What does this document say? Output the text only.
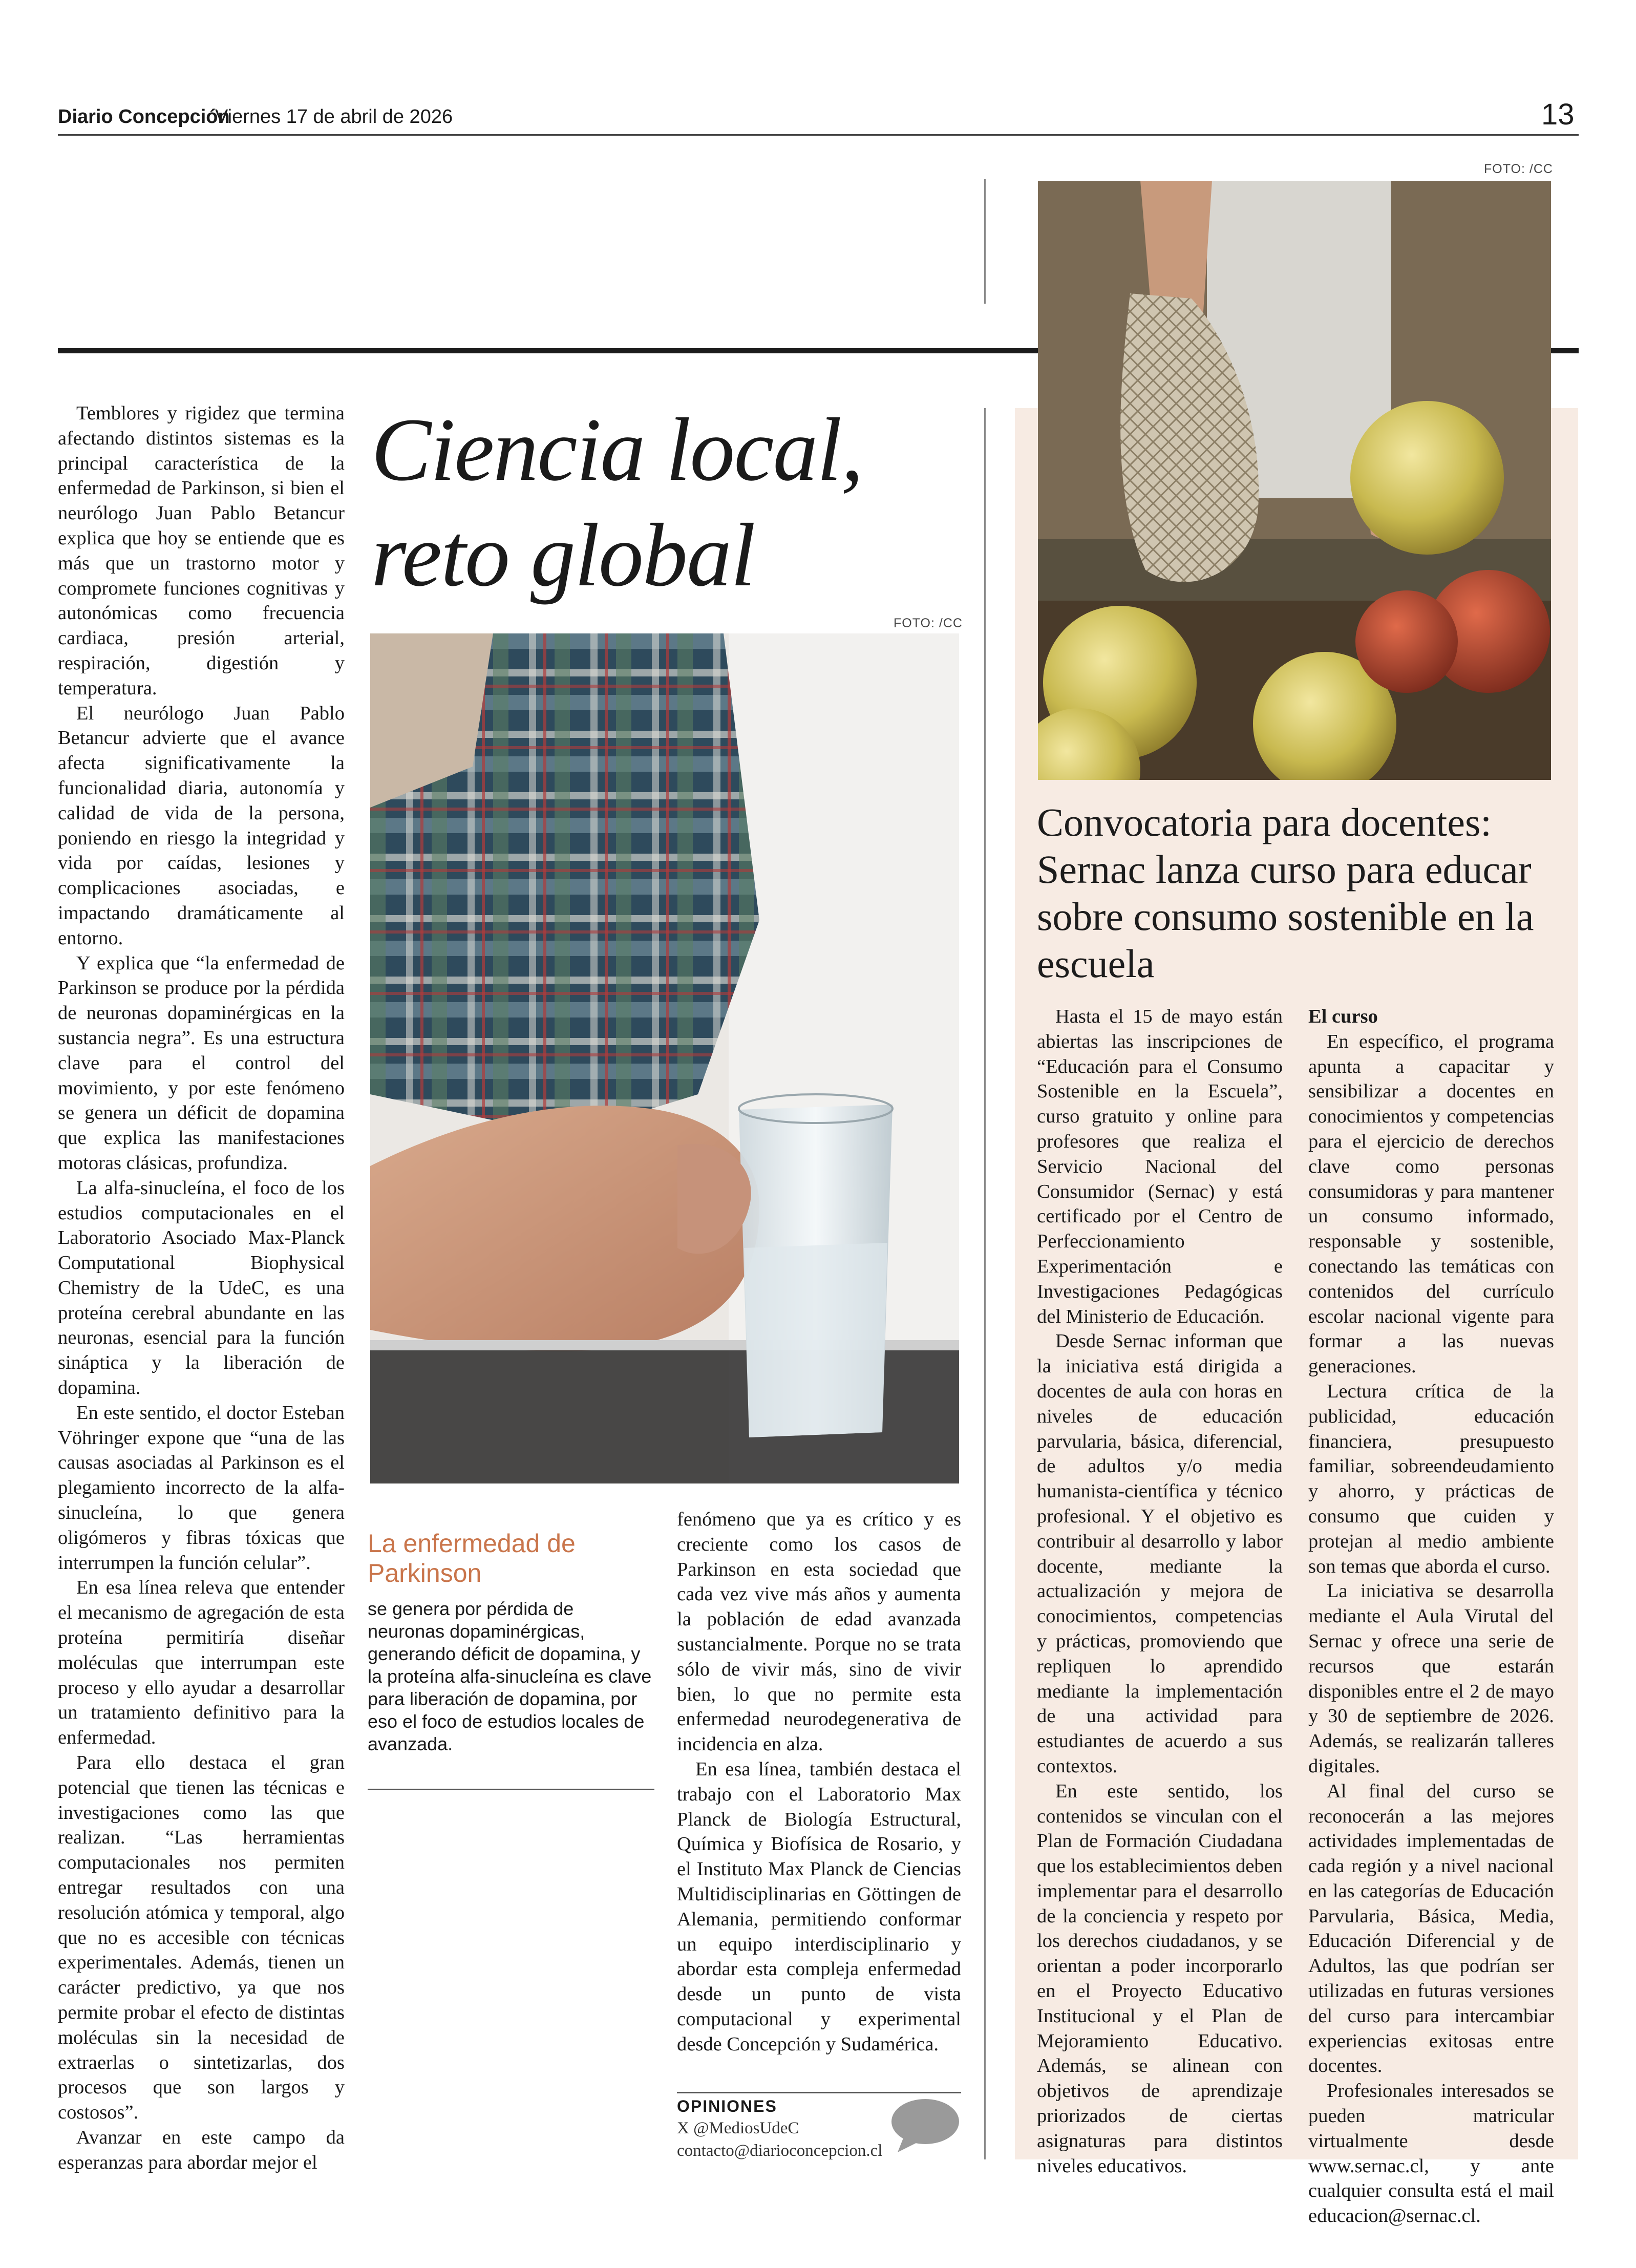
Diario Concepción
Viernes 17 de abril de 2026	13

Temblores y rigidez que termina afectando distintos sistemas es la principal característica de la enfermedad de Parkinson, si bien el neurólogo Juan Pablo Betancur explica que hoy se entiende que es más que un trastorno motor y compromete funciones cognitivas y autonómicas como frecuencia cardiaca, presión arterial, respiración, digestión y temperatura.

El neurólogo Juan Pablo Betancur advierte que el avance afecta significativamente la funcionalidad diaria, autonomía y calidad de vida de la persona, poniendo en riesgo la integridad y vida por caídas, lesiones y complicaciones asociadas, e impactando dramáticamente al entorno.

Y explica que “la enfermedad de Parkinson se produce por la pérdida de neuronas dopaminérgicas en la sustancia negra”. Es una estructura clave para el control del movimiento, y por este fenómeno se genera un déficit de dopamina que explica las manifestaciones motoras clásicas, profundiza.

La alfa-sinucleína, el foco de los estudios computacionales en el Laboratorio Asociado Max-Planck Computational Biophysical Chemistry de la UdeC, es una proteína cerebral abundante en las neuronas, esencial para la función sináptica y la liberación de dopamina.

En este sentido, el doctor Esteban Vöhringer expone que “una de las causas asociadas al Parkinson es el plegamiento incorrecto de la alfa-sinucleína, lo que genera oligómeros y fibras tóxicas que interrumpen la función celular”.

En esa línea releva que entender el mecanismo de agregación de esta proteína permitiría diseñar moléculas que interrumpan este proceso y ello ayudar a desarrollar un tratamiento definitivo para la enfermedad.

Para ello destaca el gran potencial que tienen las técnicas e investigaciones como las que realizan. “Las herramientas computacionales nos permiten entregar resultados con una resolución atómica y temporal, algo que no es accesible con técnicas experimentales. Además, tienen un carácter predictivo, ya que nos permite probar el efecto de distintas moléculas sin la necesidad de extraerlas o sintetizarlas, dos procesos que son largos y costosos”.

Avanzar en este campo da esperanzas para abordar mejor el

Ciencia local,
reto global
FOTO: /CC
La enfermedad de Parkinson
se genera por pérdida de neuronas dopaminérgicas, generando déficit de dopamina, y la proteína alfa-sinucleína es clave para liberación de dopamina, por eso el foco de estudios locales de avanzada.

fenómeno que ya es crítico y es creciente como los casos de Parkinson en esta sociedad que cada vez vive más años y aumenta la población de edad avanzada sustancialmente. Porque no se trata sólo de vivir más, sino de vivir bien, lo que no permite esta enfermedad neurodegenerativa de incidencia en alza.

En esa línea, también destaca el trabajo con el Laboratorio Max Planck de Biología Estructural, Química y Biofísica de Rosario, y el Instituto Max Planck de Ciencias Multidisciplinarias en Göttingen de Alemania, permitiendo conformar un equipo interdisciplinario y abordar esta compleja enfermedad desde un punto de vista computacional y experimental desde Concepción y Sudamérica.

OPINIONES
X @MediosUdeC
contacto@diarioconcepcion.cl
FOTO: /CC
Convocatoria para docentes: Sernac lanza curso para educar sobre consumo sostenible en la escuela

Hasta el 15 de mayo están abiertas las inscripciones de “Educación para el Consumo Sostenible en la Escuela”, curso gratuito y online para profesores que realiza el Servicio Nacional del Consumidor (Sernac) y está certificado por el Centro de Perfeccionamiento Experimentación e Investigaciones Pedagógicas del Ministerio de Educación.

Desde Sernac informan que la iniciativa está dirigida a docentes de aula con horas en niveles de educación parvularia, básica, diferencial, de adultos y/o media humanista-científica y técnico profesional. Y el objetivo es contribuir al desarrollo y labor docente, mediante la actualización y mejora de conocimientos, competencias y prácticas, promoviendo que repliquen lo aprendido mediante la implementación de una actividad para estudiantes de acuerdo a sus contextos.

En este sentido, los contenidos se vinculan con el Plan de Formación Ciudadana que los establecimientos deben implementar para el desarrollo de la conciencia y respeto por los derechos ciudadanos, y se orientan a poder incorporarlo en el Proyecto Educativo Institucional y el Plan de Mejoramiento Educativo. Además, se alinean con objetivos de aprendizaje priorizados de ciertas asignaturas para distintos niveles educativos.

El curso

En específico, el programa apunta a capacitar y sensibilizar a docentes en conocimientos y competencias para el ejercicio de derechos clave como personas consumidoras y para mantener un consumo informado, responsable y sostenible, conectando las temáticas con contenidos del currículo escolar nacional vigente para formar a las nuevas generaciones.

Lectura crítica de la publicidad, educación financiera, presupuesto familiar, sobreendeudamiento y ahorro, y prácticas de consumo que cuiden y protejan al medio ambiente son temas que aborda el curso.

La iniciativa se desarrolla mediante el Aula Virutal del Sernac y ofrece una serie de recursos que estarán disponibles entre el 2 de mayo y 30 de septiembre de 2026. Además, se realizarán talleres digitales.

Al final del curso se reconocerán a las mejores actividades implementadas de cada región y a nivel nacional en las categorías de Educación Parvularia, Básica, Media, Educación Diferencial y de Adultos, las que podrían ser utilizadas en futuras versiones del curso para intercambiar experiencias exitosas entre docentes.

Profesionales interesados se pueden matricular virtualmente desde www.sernac.cl, y ante cualquier consulta está el mail educacion@sernac.cl.
